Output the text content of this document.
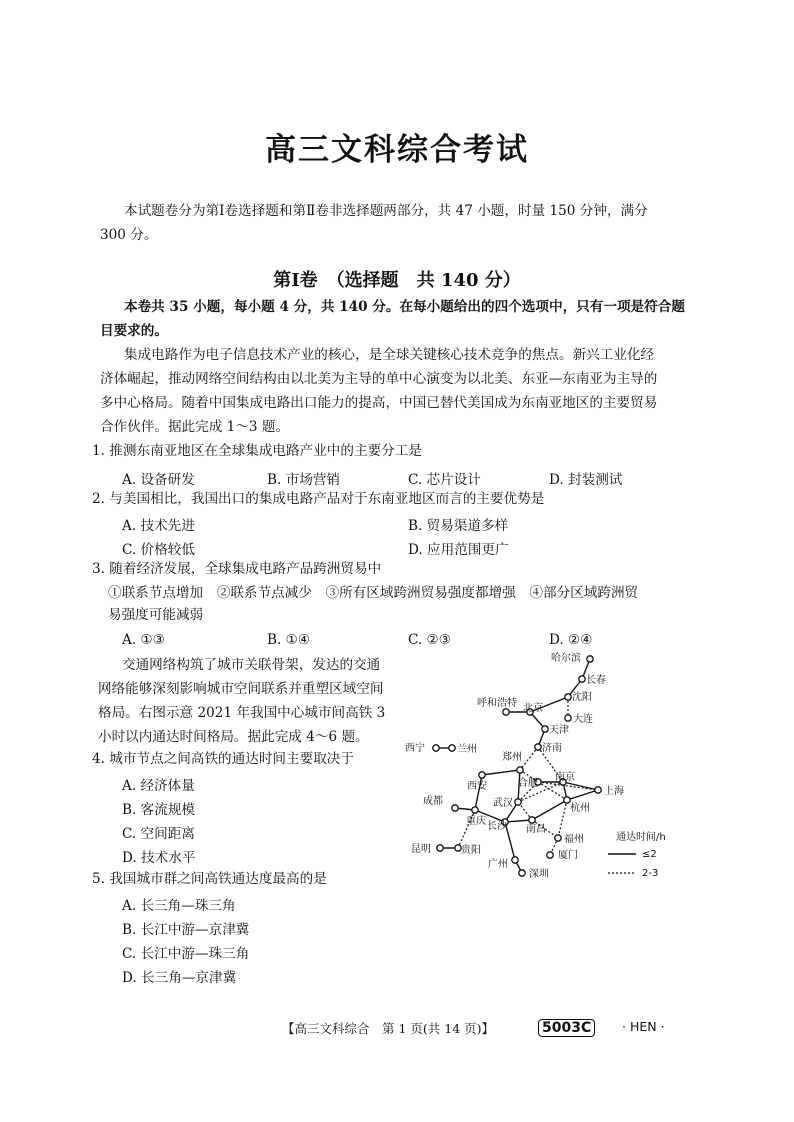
高三文科综合考试
本试题卷分为第Ⅰ卷选择题和第Ⅱ卷非选择题两部分，共 47 小题，时量 150 分钟，满分
300 分。
第Ⅰ卷　（选择题　共 140 分）
本卷共 35 小题，每小题 4 分，共 140 分。在每小题给出的四个选项中，只有一项是符合题
目要求的。
集成电路作为电子信息技术产业的核心，是全球关键核心技术竞争的焦点。新兴工业化经
济体崛起，推动网络空间结构由以北美为主导的单中心演变为以北美、东亚—东南亚为主导的
多中心格局。随着中国集成电路出口能力的提高，中国已替代美国成为东南亚地区的主要贸易
合作伙伴。据此完成 1～3 题。
1. 推测东南亚地区在全球集成电路产业中的主要分工是
A. 设备研发	B. 市场营销	C. 芯片设计	D. 封装测试
2. 与美国相比，我国出口的集成电路产品对于东南亚地区而言的主要优势是
A. 技术先进	B. 贸易渠道多样
C. 价格较低	D. 应用范围更广
3. 随着经济发展，全球集成电路产品跨洲贸易中
①联系节点增加　②联系节点减少　③所有区域跨洲贸易强度都增强　④部分区域跨洲贸
易强度可能减弱
A. ①③	B. ①④	C. ②③	D. ②④
交通网络构筑了城市关联骨架，发达的交通
网络能够深刻影响城市空间联系并重塑区域空间
格局。右图示意 2021 年我国中心城市间高铁 3
小时以内通达时间格局。据此完成 4～6 题。
4. 城市节点之间高铁的通达时间主要取决于
A. 经济体量
B. 客流规模
C. 空间距离
D. 技术水平
5. 我国城市群之间高铁通达度最高的是
A. 长三角—珠三角
B. 长江中游—京津冀
C. 长江中游—珠三角
D. 长三角—京津冀
哈尔滨
长春
沈阳
大连
呼和浩特 北京
天津
济南
西宁	兰州
郑州
西安	合肥
南京
上海
杭州
武汉
成都
重庆 长沙 南昌
福州
厦门
昆明	贵阳
广州
深圳
通达时间/h
≤2
2-3
【高三文科综合　第 1 页(共 14 页)】	5003C	· HEN ·
